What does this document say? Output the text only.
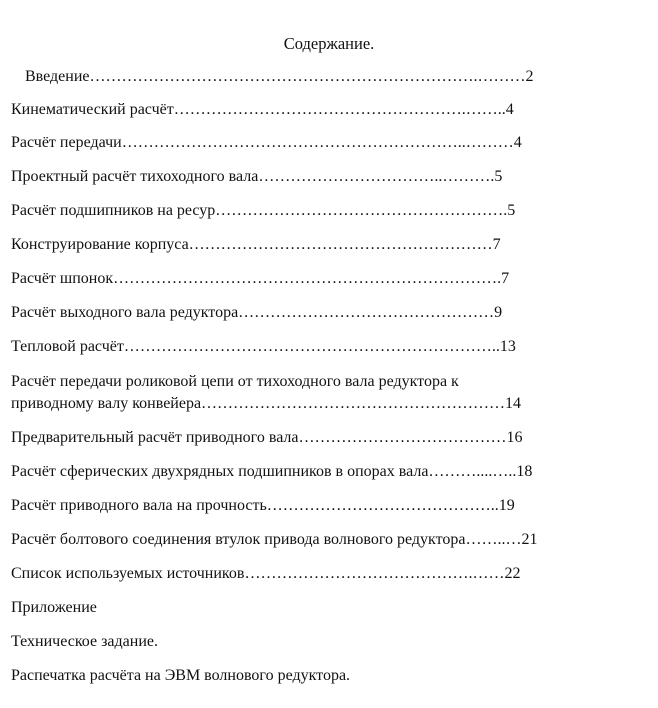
Содержание.
Введение……………………………………………………………….………2
Кинематический расчёт……………………………………………….……..4
Расчёт передачи………………………………………………………..………4
Проектный расчёт тихоходного вала……………………………..……….5
Расчёт подшипников на ресур……………………………………………….5
Конструирование корпуса…………………………………………………7
Расчёт шпонок……………………………………………………………….7
Расчёт выходного вала редуктора…………………………………………9
Тепловой расчёт……………………………………………………………..13
Расчёт передачи роликовой цепи от тихоходного вала редуктора к
приводному валу конвейера…………………………………………………14
Предварительный расчёт приводного вала…………………………………16
Расчёт сферических двухрядных подшипников в опорах вала………....…..18
Расчёт приводного вала на прочность……………………………………..19
Расчёт болтового соединения втулок привода волнового редуктора……..…21
Список используемых источников…………………………………….……22
Приложение
Техническое задание.
Распечатка расчёта на ЭВМ волнового редуктора.
